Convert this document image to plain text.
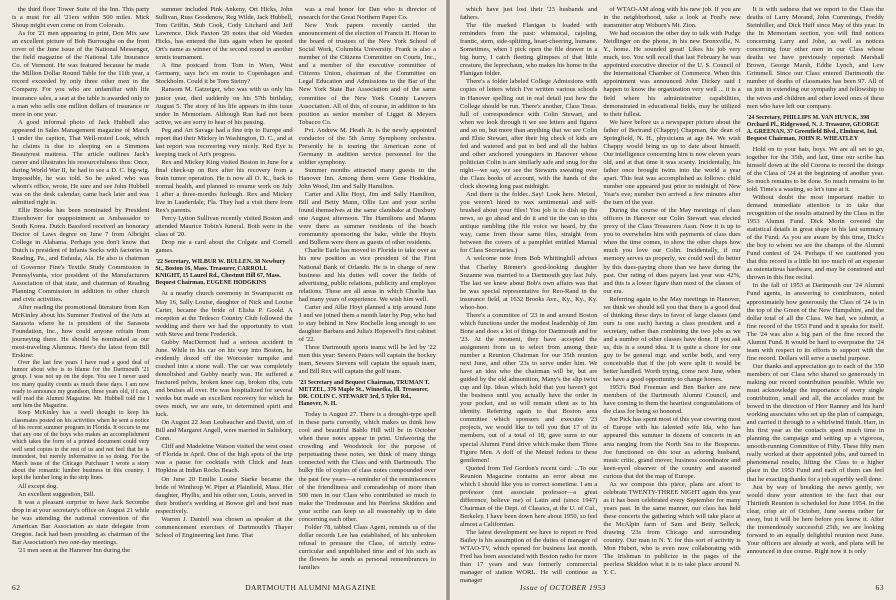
the third floor Tower Suite of the Inn. This party is a must for all '21ers within 500 miles. Mick Shoup might even come on from Colorado.

As for '21 men appearing in print, Don Mix saw an excellent picture of Bob Burroughs on the front cover of the June issue of the National Messenger, the field magazine of the National Life Insurance Co. of Vermont. He was featured because he made the Million Dollar Round Table for the 11th year, a record exceeded by only three other men in the Company. For you who are unfamiliar with life insurance sales, a seat at the table is awarded only to a man who sells one million dollars of insurance or more in one year.

A good informal photo of Jack Hubbell also appeared in Sales Management magazine of March 1 under the caption, That Well-rested Look, which he claims is due to sleeping on a Simmons Beautyrest mattress. The article outlines Jack's career and illustrates his resourcefulness thus: Once, during World War II, he had to see a D. C. big-wig. Impossible, he was told. So he asked who was whom's office, wrote, He sure and see John Hubbell was on the desk calendar, came back later and was admitted right in.

Ellie Brooks has been nominated by President Eisenhower for reappointment as Ambassador to South Korea. Dutch Bassford received an honorary Doctor of Laws degree on June 7 from Albright College in Alabama. Perhaps you don't know that Dutch is president of Infants Socks with factories in Reading, Pa., and Eufaula, Ala. He also is chairman of Governor Fine's Textile Study Commission in Pennsylvania, vice president of the Manufacturers Association of that state, and chairman of Reading Planning Commission in addition to other church and civic activities.

After reading the promotional literature from Ken McKinley about his Summer Festival of the Arts at Sarasota where he is president of the Sarasota Foundation, Inc., how could anyone refrain from journeying there. He should be nominated as our most-traveling Alumnus. Here's the latest from Bill Erskine:

Over the last few years I have read a good deal of humor about who is to blame for the Dartmouth '21 group. I was not up on the dope. You see I never used too many quality counts as much these days. I am now ready to announce my grandson, three years old, if I can, will read the Alumni Magazine. Mr. Hubbell told me I sent him the Magazine.

Keep McKinley has a swell thought to keep his classmates posted on his activities when he sent a notice of his recent summer program in Florida. It occurs to me that any one of the boys who makes an accomplishment which takes the form of a printed document could very well send copies to the rest of us and not feel that he is immodest, but merely informative in so doing. For the March issue of the Chicago Purchaser I wrote a story about the romantic lumber business in this country. I kept the lumber long in the strip lines.

All except dog.

An excellent suggestion, Bill.

It was a pleasant surprise to have Jack Secombe drop in at your secretary's office on August 21 while he was attending the national convention of the American Bar Association as state delegate from Oregon. Jack had been presiding as chairman of the Bar Association's two one-day meetings.

'21 men seen at the Hanover Inn during the

summer included Pink Ankeny, Ort Hicks, John Sullivan, Russ Goodenow, Reg Wilde, Jack Hubbell, Tom Griffin, Stub Cook, Cody Litchard and Jeff Lawrence. Dick Paxton '20 notes that old Warden Hicks, has entered the lists again when he quoted Ort's name as winner of the second round in another tennis tournament.

A fine postcard from Tom in Wien, West Germany, says he's en route to Copenhagen and Stockholm. Could it be Tom Steiny?

Ransom M. Gatzeiger, who was with us only his junior year, died suddenly on his 57th birthday, August 5. The story of his life appears in this issue under In Memoriam. Although Ran had not been active, we are sorry to hear of his passing.

Peg and Art Savage had a fine trip to Europe and report that their Mickey in Washington, D. C., and at last report was recovering very nicely. Red Eye is keeping track of Art's progress.

Rex and Mickey King visited Boston in June for a final check-up on Rex after his recovery from a brain tumor operation. He is now all O. K., back to normal health, and planned to resume work on July 1 after a three-months furlough. Rex and Mickey live in Lauderdale, Fla. They had a visit there from Rex's parents.

Percy Lytton Sullivan recently visited Boston and attended Maurice Tobin's funeral. Both were in the class of '20.

Drop me a card about the Colgate and Cornell games.

'22 Secretary, WILBUR W. BULLEN, 38 Newbury St., Boston 16, Mass. Treasurer, CARROLL KNIGHT, 15 Laurel Rd., Chestnut Hill 67, Mass. Bequest Chairman, EUGENE HODGKINS

At a nearby church ceremony in Swampscott on May 16, Sally Louise, daughter of Nick and Louise Carter, became the bride of Elisha P. Goold. A reception at the Tedesco Country Club followed the wedding and there we had the opportunity to visit with Steve and Irene Frederick.

Gubby MacDermott had a serious accident in June. While in his car on his way into Boston, he evidently dozed off the Worcester turnpike and crashed into a stone wall. The car was completely demolished and Gubby nearly was. He suffered a fractured pelvis, broken knee cap, broken ribs, cuts and bruises all over. He was hospitalized for several weeks but made an excellent recovery for which he owes much, we are sure, to determined spirit and luck.

On August 22 Jean Leubaucher and David, son of Bill and Margaret Angell, were married in Salisbury, Conn.

Cliff and Madeleine Watson visited the west coast of Florida in April. One of the high spots of the trip was a pause for cocktails with Chick and Jean Hopkins at Indian Rocks Beach.

On June 20 Emilie Louise Starke became the bride of Winthrop W. Piper at Plainfield, Mass. Her daughter, Phyllis, and his other son, Louis, served in their brother's wedding at Bowse girl and best man respectively.

Warren J. Daniell was chosen as speaker at the commencement exercises of Dartmouth's Thayer School of Engineering last June. That

was a real honor for Dan who is director of research for the Great Northern Paper Co.

New York papers recently carried the announcement of the election of Francis H. Horan to the board of trustees of the New York School of Social Work, Columbia University. Frank is also a member of the Citizens Committee on Courts, Inc., and a member of the executive committee of Citizens Union, chairman of the Committee on Legal Education and Admissions to the Bar of the New York State Bar Association and of the same committee of the New York County Lawyers Association. All of this, of course, in addition to his position as senior member of Ligget & Meyers Tobacco Co.

Pvt. Andrew M. Heath Jr. is the newly appointed conductor of the 5th Army Symphony orchestra. Presently he is touring the American zone of Germany in audition service personnel for the soldier symphony.

Summer months attracted many guests to the Hanover Inn. Among them were Gene Hodskins, John Wood, Jim and Sally Hamilton.

Carter and Allie Hoyt, Jim and Sally Hamilton, Bill and Betty Mann, Ollie Lee and your scribe found themselves at the same clambake at Duxbury one August afternoon. The Hamiltons and Manns were there as summer residents of the beach community sponsoring the bake, while the Hoyts and Bullens were there as guests of other residents.

Charlie Earle has moved to Florida to take over as his new position as vice president of the First National Bank of Orlando. He is in charge of new business and his duties will cover the fields of advertising, public relations, publicity and employee relations. These are all areas in which Charlie has had many years of experience. We wish him well.

Carter and Allie Hoyt planned a trip around June 1 and we joined them a month later by Pop, who had to stay behind in New Rochelle long enough to see daughter Barbara and Julia's Hopewell's first cabinet of '22.

Three Dartmouth sports teams will be led by '22 men this year: Sewers Peters will captain the hockey team, Sewers Stevens will captain the squash team, and Bill Rex will captain the golf team.

'23 Secretary and Bequest Chairman, TRUMAN T. METZEL, 376 Maple St., Winnetka, Ill. Treasurer, DR. COLIN C. STEWART 3rd, 5 Tyler Rd., Hanover, N. H.

Today is August 27. There is a drought-type spell in these parts currently, which makes us think how cool and beautiful Bablo Hill will be in October when these notes appear in print. Unfavoring the crowding and Woodstock for the purpose of perpetuating these notes, we think of many things connected with the Class and with Dartmouth. The bulky file of copies of class notes compounded over the past few years—a reminder of the reminiscences of the friendliness and comradeship of more than 500 men in our Class who contributed so much to make the Tredmouse and his Peerless Skiddoo and your scribe can keep us all reasonably up to date concerning each other.

Folder 78, tabbed Class Agent, reminds us of the dollar records Lee has established, of his unbroken refusal to pressure the Class, of strictly extra-curricular and unpublished time and of his such as the flowers he sends as personal remembrances to families

62	DARTMOUTH ALUMNI MAGAZINE

which have just lost their '23 husbands and fathers.

The file marked Flanigan is loaded with reminders from the past: whimsical, cajoling, frantic, stern, side-splitting, heart-cheering, humane. Sometimes, when I pick open the file drawer in a big hurry, I catch fleeting glimpses of that little creature, the leprechaun, who makes his home in the Flanigan folder.

There's a folder labeled College Admissions with copies of letters which I've written various schools in Hanover spelling out in real detail just how the College should be run. There's another, Class Treas. full of correspondence with Colin Stewart, and when we look through it we see letters and figures and so on, but more than anything that we see Colin and Elsie Stewart, after their big check of kids are fed and watered and put to bed and all the babies and other anchored youngsters in Hanover whose politician Colin is are similarly safe and snug for the night—we say, we see the Stewarts sweating over the Class books of account, with the hands of the clock showing long past midnight.

And there is the folder...Say! Look here. Metzel, you weren't hired to wax sentimental and self-brushed about your files! You job is to dish up the news, so go ahead and do it and tie the can to this antique rambling (the file voice we heard, by the way, came from those same files, straight from between the covers of a pamphlet entitled Manual for Class Secretaries.)

A welcome note from Bob Whittinghill advises that Charley Riemer's good-looking daughter Suzanne was married to a Dartmouth guy last July. The last we knew about Bob's own affairs was that he was special representative for Reo-Rand in the insurance field, at 1632 Brooks Ave., Ky., Ky., Ky. whoo-hoo.

There's a committee of '23 in and around Boston which functions under the modest leadership of Jim Bone and does a lot of things for Dartmouth and for '23. At the moment, they have accepted the assignment from us to select from among their number a Reunion Chairman for our 35th reunion next June, and other '23s to serve under him. We have an idea who the chairman will be, but are guided by the old admonition, Many's the slip twixt cup and lip. Ideas which hold that you haven't got the business until you actually have the order in your pocket, and so will remain silent as to his identity. Referring again to that Boston area committee which sponsors and executes '23 projects, we would like to tell you that 17 of its members, out of a total of 18, gave sums to our special Alumni Fund drive which make them Three Figure Men. A doff of the Metzel fedora to these gentlemen!

Quoted from Ted Gordon's recent card: ...To our Reunion Magazine contains an error about me which I should like you to correct sometime. I am a professor (not associate professor—a great difference, believe me) of Latin and (since 1947) Chairman of the Dept. of Classics, at the U. of Cal., Berkeley. I have been down here about 1950, so feel almost a Californian.

The latest development we have to report re Fred Bailey is his assumption of the duties of manager of WTAO-TV, which opened for business last month. Fred has been associated with Boston radio for more than 17 years and was formerly commercial manager of station WORL. He will continue as manager

of WTAO-AM along with his new job. If you are in the neighborhood, take a look at Fred's new transmitter atop Woburn's Mt. Zion.

We had occasion the other day to talk with Pudge Neidlinger on the phone, in his new Bronxville, N. Y., home. He sounded great! Likes his job very much, too. You will recall that last February he was appointed executive director of the U. S. Council of the International Chamber of Commerce. When this appointment was announced John Dickey said I happen to know the organization very well ... it is a field where his administrative capabilities, demonstrated in educational fields, may be utilized to their fullest.

We have before us a newspaper picture about the father of Bertrand (Chappy) Chapman, the dean of Springfield, N. H., physicians at age 84. We wish Chappy would bring us up to date about himself. Our intelligence concerning him is now eleven years old, and at that time it was scanty. Incidentally, his father once brought twins into the world a year apart. This feat was accomplished as follows: child number one appeared just prior to midnight of New Year's eve; number two arrived a few minutes after the turn of the year.

During the course of the May meetings of class officers in Hanover our Colin Stewart was elected prexy of the Class Treasurers Assn. Now it is up to you to overwhelm him with payments of class dues when the time comes, to show the other chaps how much you love our Colin. Incidentally, if our memory serves us properly, we could well do better by this dues-paying chore than we have during the past. Our rating of dues payers last year was 42%, and this is a lower figure than most of the classes of our era.

Referring again to the May meetings in Hanover, we think we should tell you that there is a good deal of thinking these days in favor of large classes (and ours is one such) having a class president and a secretary, rather than combining the two jobs as we and a number of other classes have done. If you ask us, this is a sound idea. It is quite a chore for one guy to be general mgr. and scribe both, and very conceivable that if the job were split it would be better handled. Worth trying, come next June, when we have a good opportunity to change horses.

1953's Bud Freeman and Ben Barker are new members of the Dartmouth Alumni Council, and have coming to them the heartiest congratulations of the class for being so honored.

Joe Pick has spent most of this year covering most of Europe with his talented wife Ida, who has appeared this summer in dozens of concerts in an area ranging from the North Sea to the Bosporus. Joe functioned on this tour as adoring husband, music critic, grand mover, business coordinator and keen-eyed observer of the country and assorted curious that dot the map of Europe.

As we compose this piece, plans are afoot to celebrate TWENTY-THREE NIGHT again this year as it has been celebrated every September for many years past. In the same manner, our class has held these concerts the gathering which will take place at the McAlpin farm of Sam and Betty Selleck, drawing '23s from Chicago and surrounding country. Our man in N. Y. for this sort of activity is Mon Hubert, who is even now collaborating with The Irishman to publicize in the pages of the peerless Skiddoo what it is to take place around N. Y. C.

It is with sadness that we report to the Class the deaths of Larry Morand, John Cummings, Freddy Steinhiller, and Dick Huff since May of this year. In the In Memoriam section, you will find notices concerning Larry and John, as well as notices concerning four other men in our Class whose deaths we have previously reported: Marshall Brown, George Marsh, Eddie Lynch, and Lew Grimmell. Since our Class entered Dartmouth the number of deaths of classmates has been 97. All of us join in extending our sympathy and fellowship to the wives and children and other loved ones of these men who have left our company.

'24 Secretary, PHILLIPS M. VAN HUYCK, 398 Orchard Pl., Ridgewood, N. J. Treasurer, GEORGE A. GREENAN, 37 Greenfield Blvd., Elmhurst, Ind. Bequest Chairman, JOHN R. WHEATLEY

Hold on to your hats, boys. We are all set to go, together for the 35th, and last, time our scribe has himself down at the old Corona to record the doings of the Class of '24 at the beginning of another year. So much remains to be done. So much remains to be told. Time's a wasting, so let's tune at it.

Without doubt the most important matter to demand immediate attention is to take due recognition of the results attained by the Class in the 1953 Alumni Fund. Dick Morin covered the statistical details in great shape in his last summary of the Fund. As you are aware by this time, Dick's the boy to whom we are the champs of the Alumni Fund contest of '24. Perhaps if we cautioned you that this record is a little bit too much of an expense as ostentatious hardware, and may be construed and thrown in this fine recital.

In the fall of 1953 at Dartmouth our '24 Alumni Fund agents, in answering to contributors, noted approximately how generously the Class of '24 is in the top of the Green of the New Hampshire, and the dollar total of all the Class. We had, we submit, a fine record of the 1953 Fund and it speaks for itself. The '24 was also a big part of the fine record the Alumni Fund. It would be hard to overpraise the '24 team with respect to its efforts to support with the fine record. Dollars will serve a useful purpose.

Our thanks and appreciation go to each of the 350 members of our Class who shared so generously in making our record contribution possible. While we must acknowledge the importance of every single contribution, small and all, the accolades must be bowed in the direction of Herr Ranney and his hard working associates who set up the plan of campaign, and carried it through to a whirlwind finish. Harr, in his first year as the contacts spent much time in planning the campaign and setting up a vigorous, smooth-running Committee of Fifty. These fifty men really worked at their appointed jobs, and turned in phenomenal results, lifting the Class to a higher place in the 1953 Fund and each of them can feel that he exacting thanks for a job superbly well done.

Just by way of breaking the news gently, we would draw your attention to the fact that our Thirtieth Reunion is scheduled for June 1954. In the clear, crisp air of October, June seems rather far away, but it will be here before you know it. After the tremendously successful 25th, we are looking forward to an equally delightful reunion next June. Your officers are already at work, and plans will be announced in due course. Right now it is only

Issue of OCTOBER 1953	63
